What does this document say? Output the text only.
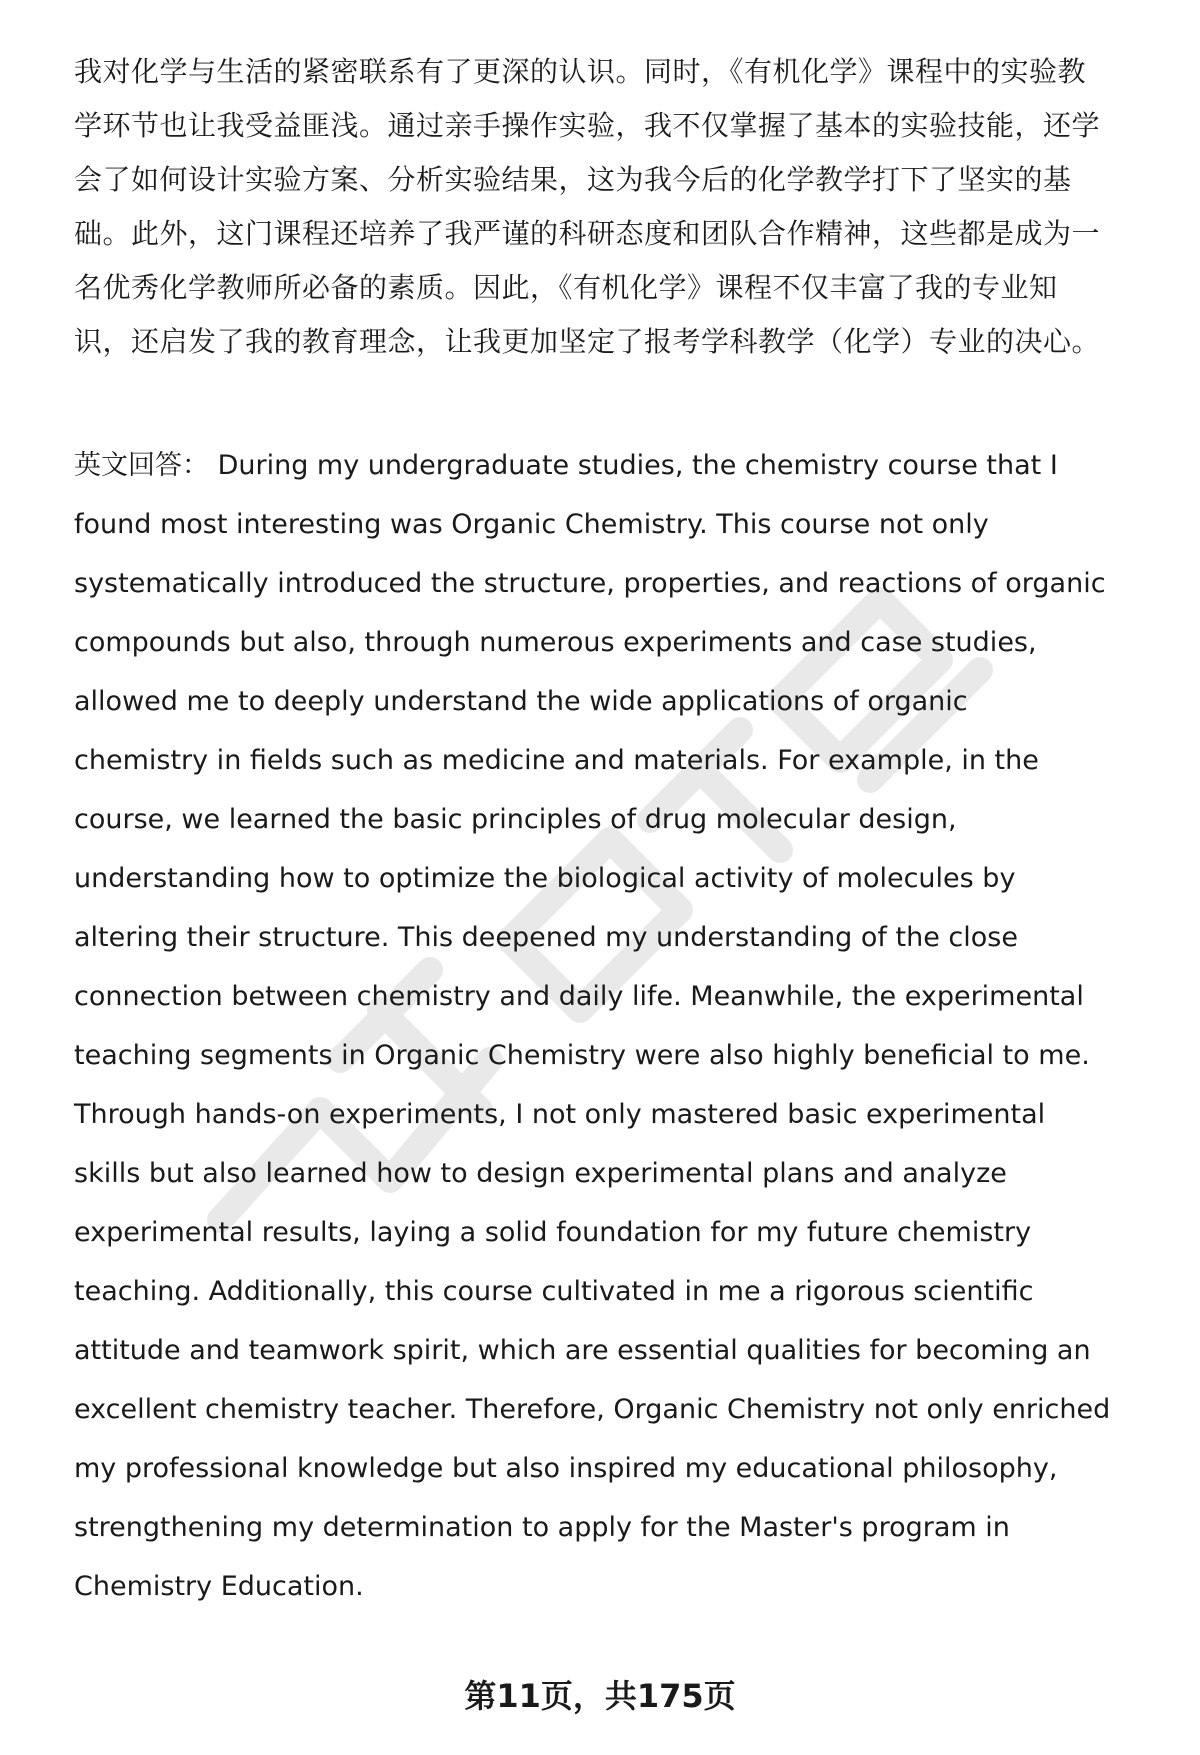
我对化学与生活的紧密联系有了更深的认识。同时，《有机化学》课程中的实验教
学环节也让我受益匪浅。通过亲手操作实验，我不仅掌握了基本的实验技能，还学
会了如何设计实验方案、分析实验结果，这为我今后的化学教学打下了坚实的基
础。此外，这门课程还培养了我严谨的科研态度和团队合作精神，这些都是成为一
名优秀化学教师所必备的素质。因此，《有机化学》课程不仅丰富了我的专业知
识，还启发了我的教育理念，让我更加坚定了报考学科教学（化学）专业的决心。
英文回答： During my undergraduate studies, the chemistry course that I
found most interesting was Organic Chemistry. This course not only
systematically introduced the structure, properties, and reactions of organic
compounds but also, through numerous experiments and case studies,
allowed me to deeply understand the wide applications of organic
chemistry in fields such as medicine and materials. For example, in the
course, we learned the basic principles of drug molecular design,
understanding how to optimize the biological activity of molecules by
altering their structure. This deepened my understanding of the close
connection between chemistry and daily life. Meanwhile, the experimental
teaching segments in Organic Chemistry were also highly beneficial to me.
Through hands-on experiments, I not only mastered basic experimental
skills but also learned how to design experimental plans and analyze
experimental results, laying a solid foundation for my future chemistry
teaching. Additionally, this course cultivated in me a rigorous scientific
attitude and teamwork spirit, which are essential qualities for becoming an
excellent chemistry teacher. Therefore, Organic Chemistry not only enriched
my professional knowledge but also inspired my educational philosophy,
strengthening my determination to apply for the Master's program in
Chemistry Education.
第11页，共175页
